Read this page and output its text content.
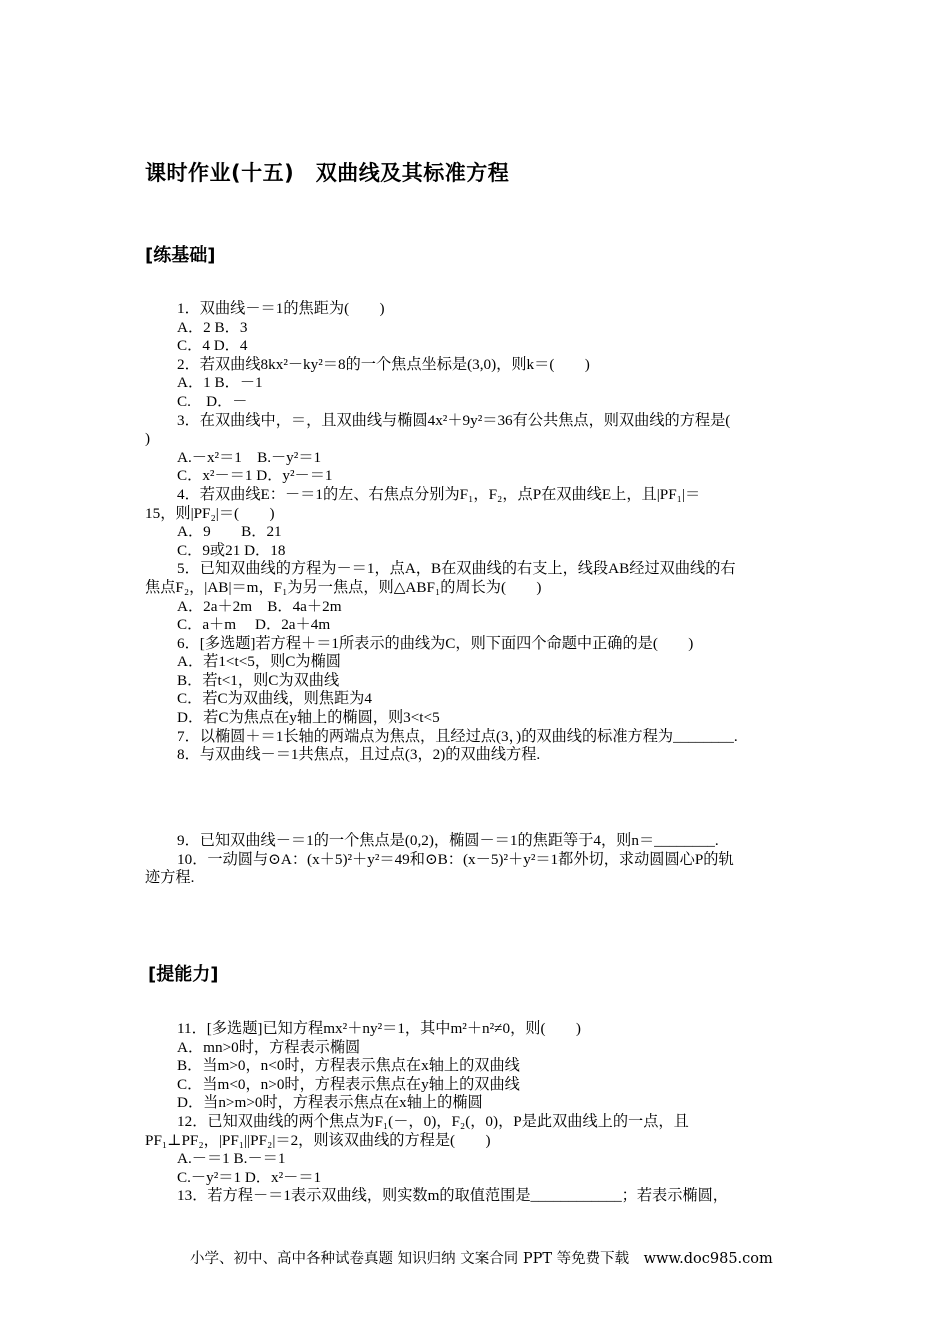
课时作业(十五)　双曲线及其标准方程
[练基础]
1．双曲线－＝1的焦距为(　　)
A．2 B．3
C．4 D．4
2．若双曲线8kx²－ky²＝8的一个焦点坐标是(3,0)，则k＝(　　)
A．1 B．－1
C.　D．－
3．在双曲线中，＝，且双曲线与椭圆4x²＋9y²＝36有公共焦点，则双曲线的方程是(
)
A.－x²＝1　B.－y²＝1
C．x²－＝1 D．y²－＝1
4．若双曲线E：－＝1的左、右焦点分别为F₁，F₂，点P在双曲线E上，且|PF₁|＝
15，则|PF₂|＝(　　)
A．9　　B．21
C．9或21 D．18
5．已知双曲线的方程为－＝1，点A，B在双曲线的右支上，线段AB经过双曲线的右
焦点F₂，|AB|＝m，F₁为另一焦点，则△ABF₁的周长为(　　)
A．2a＋2m　B．4a＋2m
C．a＋m　 D．2a＋4m
6．[多选题]若方程＋＝1所表示的曲线为C，则下面四个命题中正确的是(　　)
A．若1<t<5，则C为椭圆
B．若t<1，则C为双曲线
C．若C为双曲线，则焦距为4
D．若C为焦点在y轴上的椭圆，则3<t<5
7．以椭圆＋＝1长轴的两端点为焦点，且经过点(3，)的双曲线的标准方程为________.
8．与双曲线－＝1共焦点，且过点(3，2)的双曲线方程.
9．已知双曲线－＝1的一个焦点是(0,2)，椭圆－＝1的焦距等于4，则n＝________.
10．一动圆与⊙A：(x＋5)²＋y²＝49和⊙B：(x－5)²＋y²＝1都外切，求动圆圆心P的轨
迹方程.
[提能力]
11．[多选题]已知方程mx²＋ny²＝1，其中m²＋n²≠0，则(　　)
A．mn>0时，方程表示椭圆
B．当m>0，n<0时，方程表示焦点在x轴上的双曲线
C．当m<0，n>0时，方程表示焦点在y轴上的双曲线
D．当n>m>0时，方程表示焦点在x轴上的椭圆
12．已知双曲线的两个焦点为F₁(－，0)，F₂(，0)，P是此双曲线上的一点，且
PF₁⊥PF₂，|PF₁||PF₂|＝2，则该双曲线的方程是(　　)
A.－＝1 B.－＝1
C.－y²＝1 D．x²－＝1
13．若方程－＝1表示双曲线，则实数m的取值范围是____________；若表示椭圆，
小学、初中、高中各种试卷真题 知识归纳 文案合同 PPT 等免费下载　www.doc985.com
